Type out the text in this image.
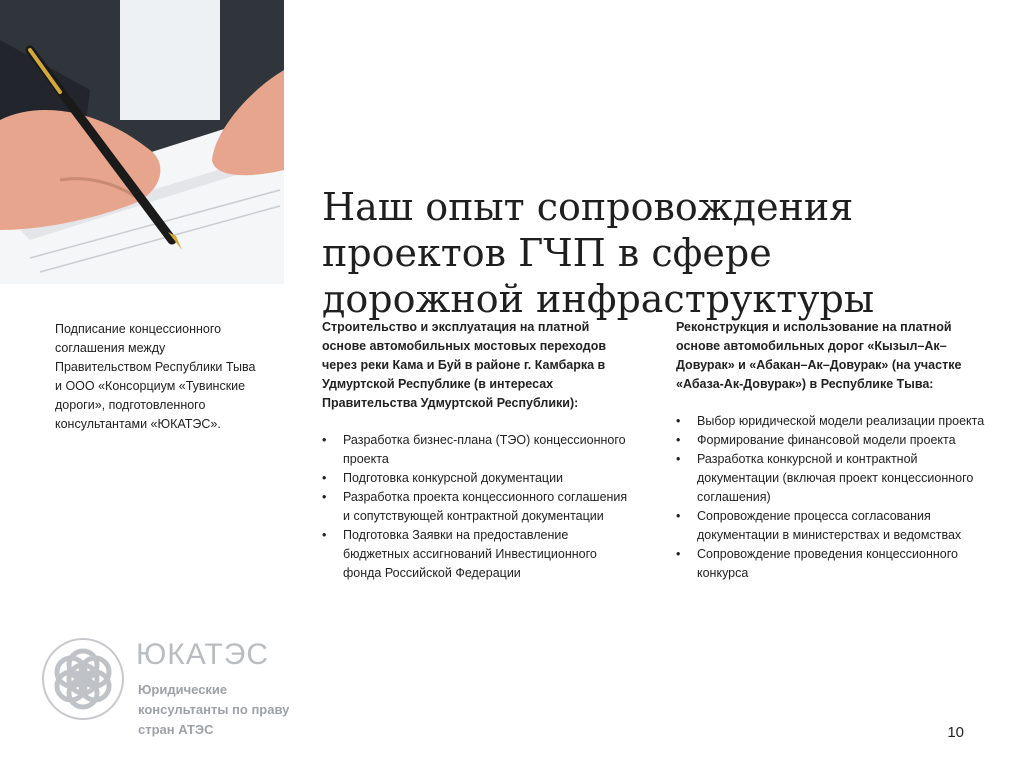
Наш опыт сопровождения
проектов ГЧП в сфере
дорожной инфраструктуры

Подписание концессионного соглашения между Правительством Республики Тыва и ООО «Консорциум «Тувинские дороги», подготовленного консультантами «ЮКАТЭС».

Строительство и эксплуатация на платной основе автомобильных мостовых переходов через реки Кама и Буй в районе г. Камбарка в Удмуртской Республике (в интересах Правительства Удмуртской Республики):

• Разработка бизнес-плана (ТЭО) концессионного проекта
• Подготовка конкурсной документации
• Разработка проекта концессионного соглашения и сопутствующей контрактной документации
• Подготовка Заявки на предоставление бюджетных ассигнований Инвестиционного фонда Российской Федерации

Реконструкция и использование на платной основе автомобильных дорог «Кызыл–Ак–Довурак» и «Абакан–Ак–Довурак» (на участке «Абаза-Ак-Довурак») в Республике Тыва:

• Выбор юридической модели реализации проекта
• Формирование финансовой модели проекта
• Разработка конкурсной и контрактной документации (включая проект концессионного соглашения)
• Сопровождение процесса согласования документации в министерствах и ведомствах
• Сопровождение проведения концессионного конкурса
ЮКАТЭС
Юридические консультанты по праву стран АТЭС	10
